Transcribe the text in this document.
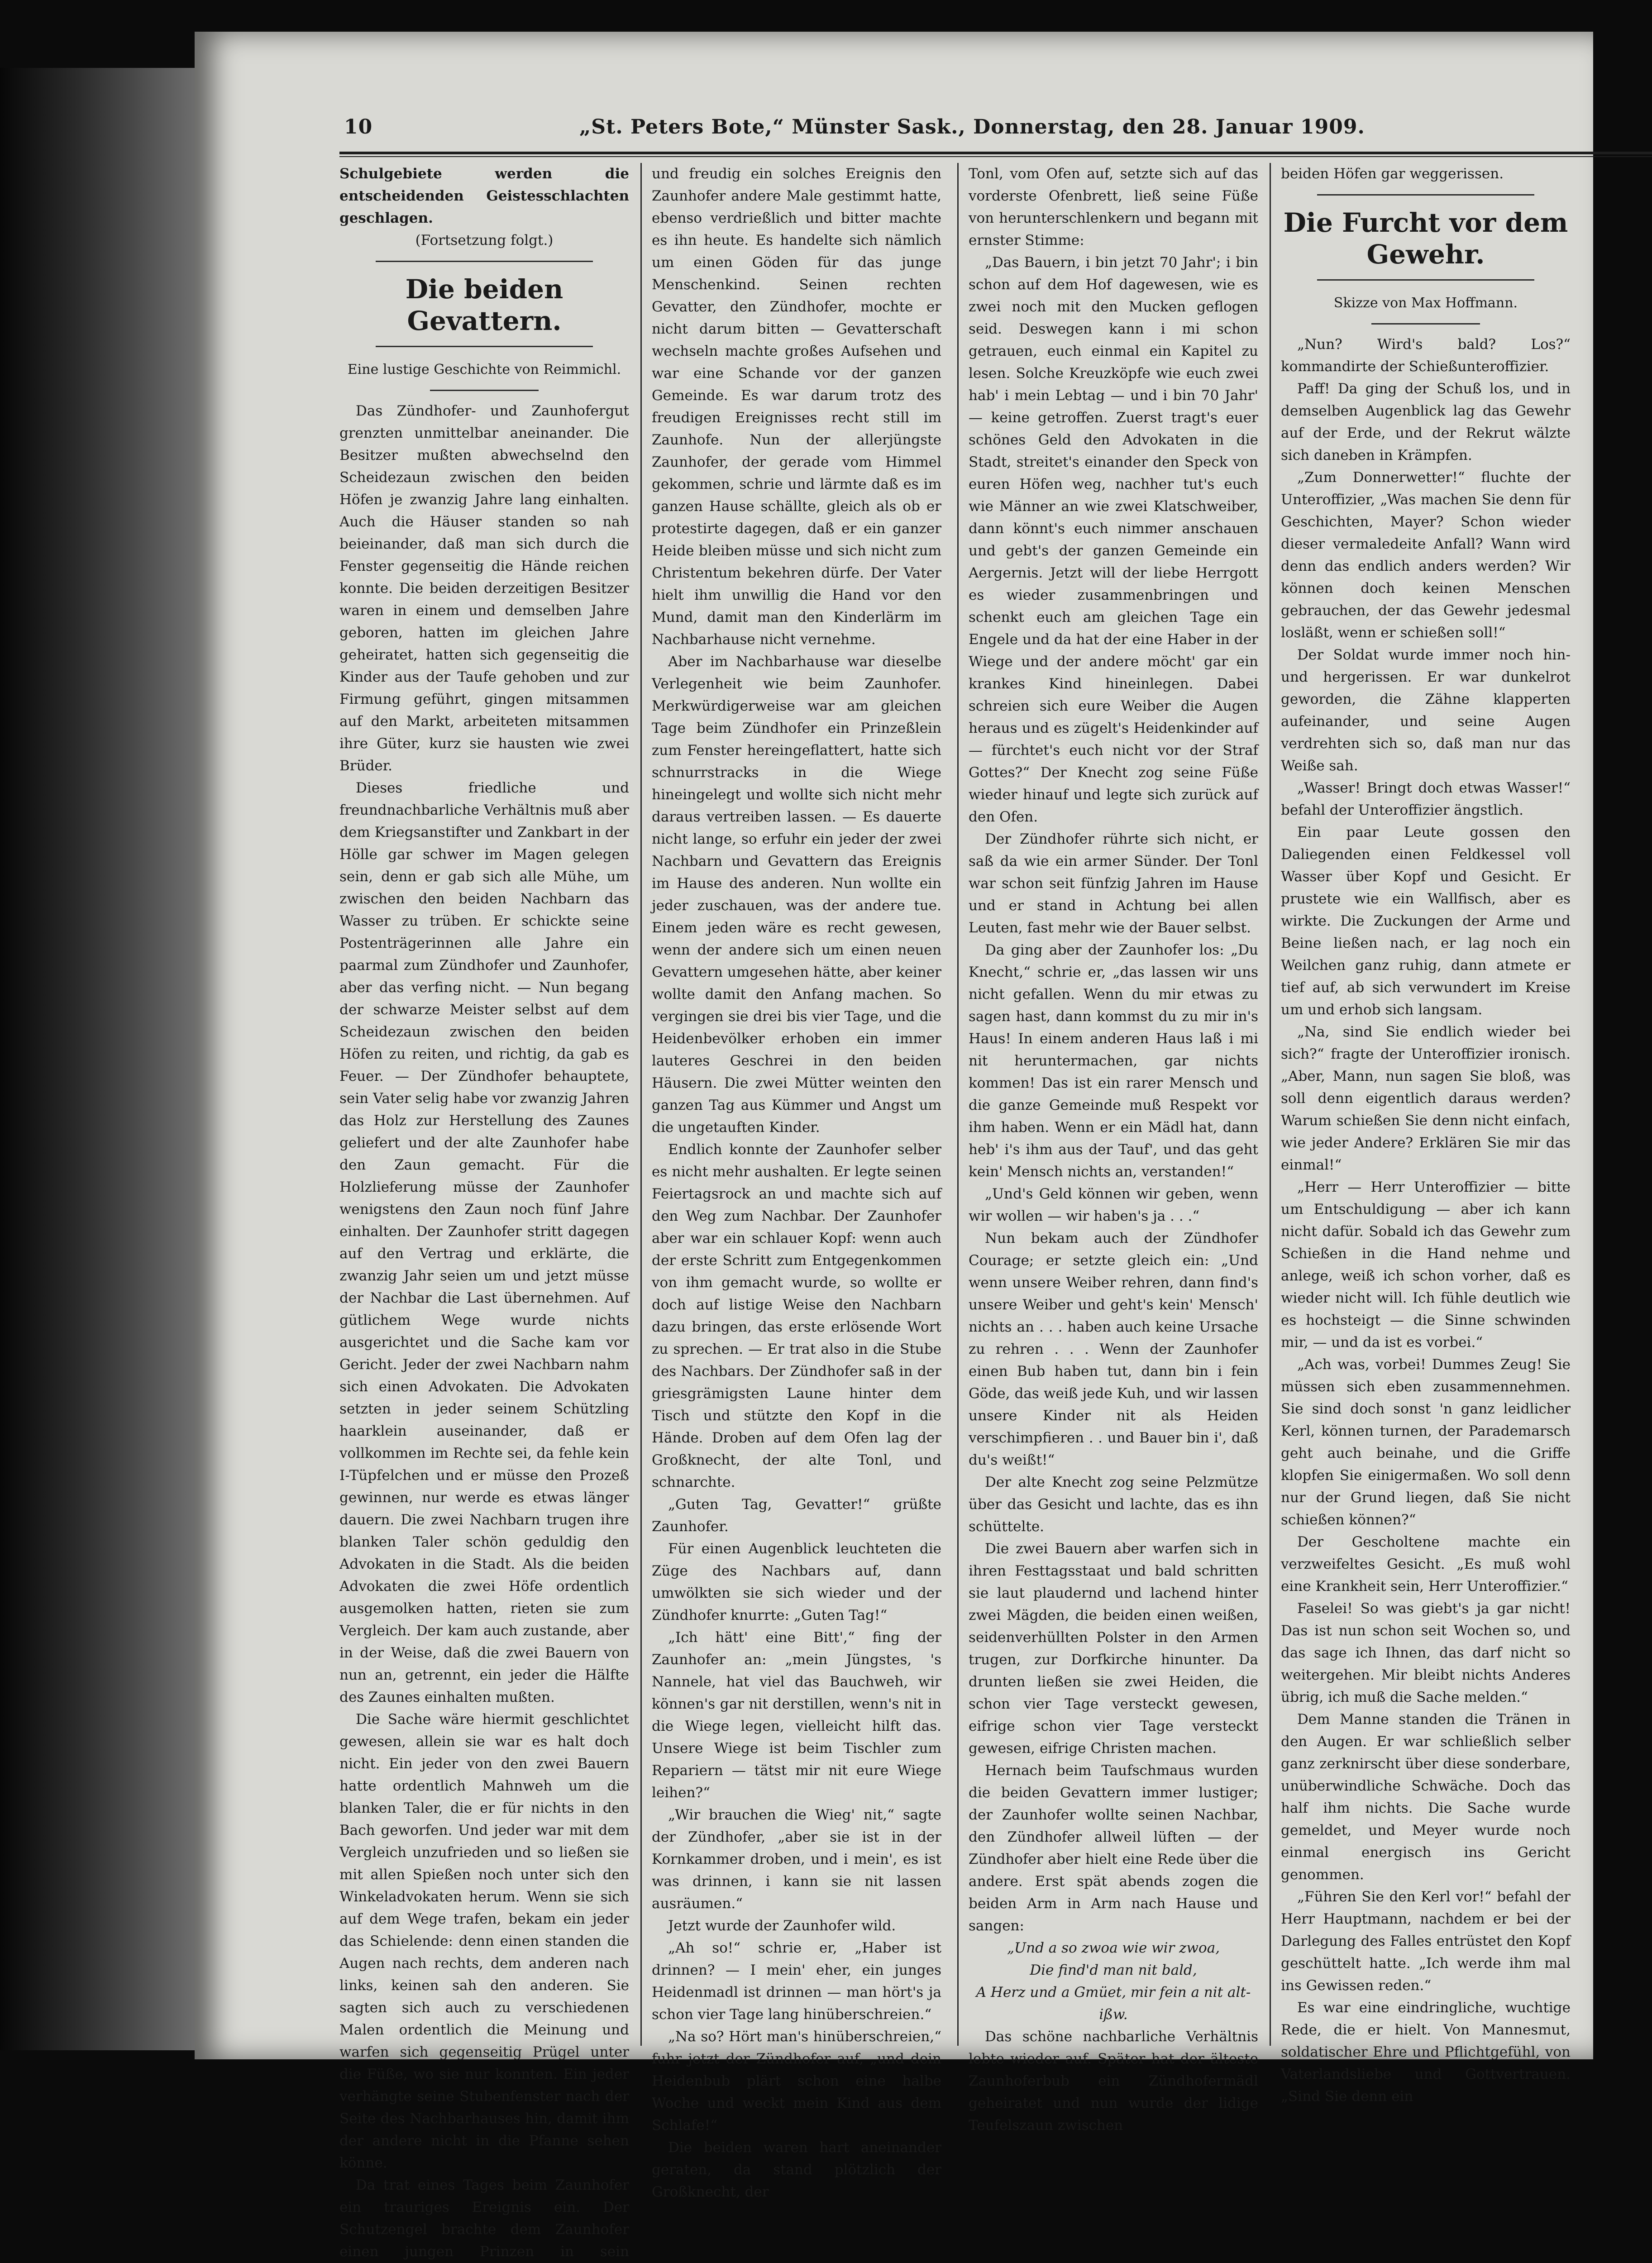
10	„St. Peters Bote,“ Münster Sask., Donnerstag, den 28. Januar 1909.

Schulgebiete werden die entscheidenden Geistesschlachten geschlagen.

(Fortsetzung folgt.)

Die beiden Gevattern.

Eine lustige Geschichte von Reimmichl.

Das Zündhofer- und Zaunhofergut grenzten unmittelbar aneinander. Die Besitzer mußten abwechselnd den Scheidezaun zwischen den beiden Höfen je zwanzig Jahre lang einhalten. Auch die Häuser standen so nah beieinander, daß man sich durch die Fenster gegenseitig die Hände reichen konnte. Die beiden derzeitigen Besitzer waren in einem und demselben Jahre geboren, hatten im gleichen Jahre geheiratet, hatten sich gegenseitig die Kinder aus der Taufe gehoben und zur Firmung geführt, gingen mitsammen auf den Markt, arbeiteten mitsammen ihre Güter, kurz sie hausten wie zwei Brüder.

Dieses friedliche und freundnachbarliche Verhältnis muß aber dem Kriegsanstifter und Zankbart in der Hölle gar schwer im Magen gelegen sein, denn er gab sich alle Mühe, um zwischen den beiden Nachbarn das Wasser zu trüben. Er schickte seine Postenträgerinnen alle Jahre ein paarmal zum Zündhofer und Zaunhofer, aber das verfing nicht. — Nun begang der schwarze Meister selbst auf dem Scheidezaun zwischen den beiden Höfen zu reiten, und richtig, da gab es Feuer. — Der Zündhofer behauptete, sein Vater selig habe vor zwanzig Jahren das Holz zur Herstellung des Zaunes geliefert und der alte Zaunhofer habe den Zaun gemacht. Für die Holzlieferung müsse der Zaunhofer wenigstens den Zaun noch fünf Jahre einhalten. Der Zaunhofer stritt dagegen auf den Vertrag und erklärte, die zwanzig Jahr seien um und jetzt müsse der Nachbar die Last übernehmen. Auf gütlichem Wege wurde nichts ausgerichtet und die Sache kam vor Gericht. Jeder der zwei Nachbarn nahm sich einen Advokaten. Die Advokaten setzten in jeder seinem Schützling haarklein auseinander, daß er vollkommen im Rechte sei, da fehle kein I-Tüpfelchen und er müsse den Prozeß gewinnen, nur werde es etwas länger dauern. Die zwei Nachbarn trugen ihre blanken Taler schön geduldig den Advokaten in die Stadt. Als die beiden Advokaten die zwei Höfe ordentlich ausgemolken hatten, rieten sie zum Vergleich. Der kam auch zustande, aber in der Weise, daß die zwei Bauern von nun an, getrennt, ein jeder die Hälfte des Zaunes einhalten mußten.

Die Sache wäre hiermit geschlichtet gewesen, allein sie war es halt doch nicht. Ein jeder von den zwei Bauern hatte ordentlich Mahnweh um die blanken Taler, die er für nichts in den Bach geworfen. Und jeder war mit dem Vergleich unzufrieden und so ließen sie mit allen Spießen noch unter sich den Winkeladvokaten herum. Wenn sie sich auf dem Wege trafen, bekam ein jeder das Schielende: denn einen standen die Augen nach rechts, dem anderen nach links, keinen sah den anderen. Sie sagten sich auch zu verschiedenen Malen ordentlich die Meinung und warfen sich gegenseitig Prügel unter die Füße, wo sie nur konnten. Ein jeder verhängte seine Stubenfenster nach der Seite des Nachbarhauses hin, damit ihm der andere nicht in die Pfanne sehen könne.

Da trat eines Tages beim Zaunhofer ein trauriges Ereignis ein. Der Schutzengel brachte dem Zaunhofer einen jungen Prinzen in sein

und freudig ein solches Ereignis den Zaunhofer andere Male gestimmt hatte, ebenso verdrießlich und bitter machte es ihn heute. Es handelte sich nämlich um einen Göden für das junge Menschenkind. Seinen rechten Gevatter, den Zündhofer, mochte er nicht darum bitten — Gevatterschaft wechseln machte großes Aufsehen und war eine Schande vor der ganzen Gemeinde. Es war darum trotz des freudigen Ereignisses recht still im Zaunhofe. Nun der allerjüngste Zaunhofer, der gerade vom Himmel gekommen, schrie und lärmte daß es im ganzen Hause schällte, gleich als ob er protestirte dagegen, daß er ein ganzer Heide bleiben müsse und sich nicht zum Christentum bekehren dürfe. Der Vater hielt ihm unwillig die Hand vor den Mund, damit man den Kinderlärm im Nachbarhause nicht vernehme.

Aber im Nachbarhause war dieselbe Verlegenheit wie beim Zaunhofer. Merkwürdigerweise war am gleichen Tage beim Zündhofer ein Prinzeßlein zum Fenster hereingeflattert, hatte sich schnurrstracks in die Wiege hineingelegt und wollte sich nicht mehr daraus vertreiben lassen. — Es dauerte nicht lange, so erfuhr ein jeder der zwei Nachbarn und Gevattern das Ereignis im Hause des anderen. Nun wollte ein jeder zuschauen, was der andere tue. Einem jeden wäre es recht gewesen, wenn der andere sich um einen neuen Gevattern umgesehen hätte, aber keiner wollte damit den Anfang machen. So vergingen sie drei bis vier Tage, und die Heidenbevölker erhoben ein immer lauteres Geschrei in den beiden Häusern. Die zwei Mütter weinten den ganzen Tag aus Kümmer und Angst um die ungetauften Kinder.

Endlich konnte der Zaunhofer selber es nicht mehr aushalten. Er legte seinen Feiertagsrock an und machte sich auf den Weg zum Nachbar. Der Zaunhofer aber war ein schlauer Kopf: wenn auch der erste Schritt zum Entgegenkommen von ihm gemacht wurde, so wollte er doch auf listige Weise den Nachbarn dazu bringen, das erste erlösende Wort zu sprechen. — Er trat also in die Stube des Nachbars. Der Zündhofer saß in der griesgrämigsten Laune hinter dem Tisch und stützte den Kopf in die Hände. Droben auf dem Ofen lag der Großknecht, der alte Tonl, und schnarchte.

„Guten Tag, Gevatter!“ grüßte Zaunhofer.

Für einen Augenblick leuchteten die Züge des Nachbars auf, dann umwölkten sie sich wieder und der Zündhofer knurrte: „Guten Tag!“

„Ich hätt' eine Bitt',“ fing der Zaunhofer an: „mein Jüngstes, 's Nannele, hat viel das Bauchweh, wir können's gar nit derstillen, wenn's nit in die Wiege legen, vielleicht hilft das. Unsere Wiege ist beim Tischler zum Repariern — tätst mir nit eure Wiege leihen?“

„Wir brauchen die Wieg' nit,“ sagte der Zündhofer, „aber sie ist in der Kornkammer droben, und i mein', es ist was drinnen, i kann sie nit lassen ausräumen.“

Jetzt wurde der Zaunhofer wild.

„Ah so!“ schrie er, „Haber ist drinnen? — I mein' eher, ein junges Heidenmadl ist drinnen — man hört's ja schon vier Tage lang hinüberschreien.“

„Na so? Hört man's hinüberschreien,“ fuhr jetzt der Zündhofer auf, „und dein Heidenbub plärt schon eine halbe Woche und weckt mein Kind aus dem Schlafe!“

Die beiden waren hart aneinander geraten, da stand plötzlich der Großknecht, der

Tonl, vom Ofen auf, setzte sich auf das vorderste Ofenbrett, ließ seine Füße von herunterschlenkern und begann mit ernster Stimme:

„Das Bauern, i bin jetzt 70 Jahr'; i bin schon auf dem Hof dagewesen, wie es zwei noch mit den Mucken geflogen seid. Deswegen kann i mi schon getrauen, euch einmal ein Kapitel zu lesen. Solche Kreuzköpfe wie euch zwei hab' i mein Lebtag — und i bin 70 Jahr' — keine getroffen. Zuerst tragt's euer schönes Geld den Advokaten in die Stadt, streitet's einander den Speck von euren Höfen weg, nachher tut's euch wie Männer an wie zwei Klatschweiber, dann könnt's euch nimmer anschauen und gebt's der ganzen Gemeinde ein Aergernis. Jetzt will der liebe Herrgott es wieder zusammenbringen und schenkt euch am gleichen Tage ein Engele und da hat der eine Haber in der Wiege und der andere möcht' gar ein krankes Kind hineinlegen. Dabei schreien sich eure Weiber die Augen heraus und es zügelt's Heidenkinder auf — fürchtet's euch nicht vor der Straf Gottes?“ Der Knecht zog seine Füße wieder hinauf und legte sich zurück auf den Ofen.

Der Zündhofer rührte sich nicht, er saß da wie ein armer Sünder. Der Tonl war schon seit fünfzig Jahren im Hause und er stand in Achtung bei allen Leuten, fast mehr wie der Bauer selbst.

Da ging aber der Zaunhofer los: „Du Knecht,“ schrie er, „das lassen wir uns nicht gefallen. Wenn du mir etwas zu sagen hast, dann kommst du zu mir in's Haus! In einem anderen Haus laß i mi nit heruntermachen, gar nichts kommen! Das ist ein rarer Mensch und die ganze Gemeinde muß Respekt vor ihm haben. Wenn er ein Mädl hat, dann heb' i's ihm aus der Tauf', und das geht kein' Mensch nichts an, verstanden!“

„Und's Geld können wir geben, wenn wir wollen — wir haben's ja . . .“

Nun bekam auch der Zündhofer Courage; er setzte gleich ein: „Und wenn unsere Weiber rehren, dann find's unsere Weiber und geht's kein' Mensch' nichts an . . . haben auch keine Ursache zu rehren . . . Wenn der Zaunhofer einen Bub haben tut, dann bin i fein Göde, das weiß jede Kuh, und wir lassen unsere Kinder nit als Heiden verschimpfieren . . und Bauer bin i', daß du's weißt!“

Der alte Knecht zog seine Pelzmütze über das Gesicht und lachte, das es ihn schüttelte.

Die zwei Bauern aber warfen sich in ihren Festtagsstaat und bald schritten sie laut plaudernd und lachend hinter zwei Mägden, die beiden einen weißen, seidenverhüllten Polster in den Armen trugen, zur Dorfkirche hinunter. Da drunten ließen sie zwei Heiden, die schon vier Tage versteckt gewesen, eifrige schon vier Tage versteckt gewesen, eifrige Christen machen.

Hernach beim Taufschmaus wurden die beiden Gevattern immer lustiger; der Zaunhofer wollte seinen Nachbar, den Zündhofer allweil lüften — der Zündhofer aber hielt eine Rede über die andere. Erst spät abends zogen die beiden Arm in Arm nach Hause und sangen:

„Und a so zwoa wie wir zwoa,

Die find'd man nit bald,

A Herz und a Gmüet, mir fein a nit alt-

ißw.

Das schöne nachbarliche Verhältnis lebte wieder auf. Später hat der älteste Zaunhoferbub ein Zündhofermädl geheiratet und nun wurde der lidige Teufelszaun zwischen

beiden Höfen gar weggerissen.

Die Furcht vor dem Gewehr.

Skizze von Max Hoffmann.

„Nun? Wird's bald? Los?“ kommandirte der Schießunteroffizier.

Paff! Da ging der Schuß los, und in demselben Augenblick lag das Gewehr auf der Erde, und der Rekrut wälzte sich daneben in Krämpfen.

„Zum Donnerwetter!“ fluchte der Unteroffizier, „Was machen Sie denn für Geschichten, Mayer? Schon wieder dieser vermaledeite Anfall? Wann wird denn das endlich anders werden? Wir können doch keinen Menschen gebrauchen, der das Gewehr jedesmal losläßt, wenn er schießen soll!“

Der Soldat wurde immer noch hin- und hergerissen. Er war dunkelrot geworden, die Zähne klapperten aufeinander, und seine Augen verdrehten sich so, daß man nur das Weiße sah.

„Wasser! Bringt doch etwas Wasser!“ befahl der Unteroffizier ängstlich.

Ein paar Leute gossen den Daliegenden einen Feldkessel voll Wasser über Kopf und Gesicht. Er prustete wie ein Wallfisch, aber es wirkte. Die Zuckungen der Arme und Beine ließen nach, er lag noch ein Weilchen ganz ruhig, dann atmete er tief auf, ab sich verwundert im Kreise um und erhob sich langsam.

„Na, sind Sie endlich wieder bei sich?“ fragte der Unteroffizier ironisch. „Aber, Mann, nun sagen Sie bloß, was soll denn eigentlich daraus werden? Warum schießen Sie denn nicht einfach, wie jeder Andere? Erklären Sie mir das einmal!“

„Herr — Herr Unteroffizier — bitte um Entschuldigung — aber ich kann nicht dafür. Sobald ich das Gewehr zum Schießen in die Hand nehme und anlege, weiß ich schon vorher, daß es wieder nicht will. Ich fühle deutlich wie es hochsteigt — die Sinne schwinden mir, — und da ist es vorbei.“

„Ach was, vorbei! Dummes Zeug! Sie müssen sich eben zusammennehmen. Sie sind doch sonst 'n ganz leidlicher Kerl, können turnen, der Parademarsch geht auch beinahe, und die Griffe klopfen Sie einigermaßen. Wo soll denn nur der Grund liegen, daß Sie nicht schießen können?“

Der Gescholtene machte ein verzweifeltes Gesicht. „Es muß wohl eine Krankheit sein, Herr Unteroffizier.“

Faselei! So was giebt's ja gar nicht! Das ist nun schon seit Wochen so, und das sage ich Ihnen, das darf nicht so weitergehen. Mir bleibt nichts Anderes übrig, ich muß die Sache melden.“

Dem Manne standen die Tränen in den Augen. Er war schließlich selber ganz zerknirscht über diese sonderbare, unüberwindliche Schwäche. Doch das half ihm nichts. Die Sache wurde gemeldet, und Meyer wurde noch einmal energisch ins Gericht genommen.

„Führen Sie den Kerl vor!“ befahl der Herr Hauptmann, nachdem er bei der Darlegung des Falles entrüstet den Kopf geschüttelt hatte. „Ich werde ihm mal ins Gewissen reden.“

Es war eine eindringliche, wuchtige Rede, die er hielt. Von Mannesmut, soldatischer Ehre und Pflichtgefühl, von Vaterlandsliebe und Gottvertrauen. „Sind Sie denn ein
